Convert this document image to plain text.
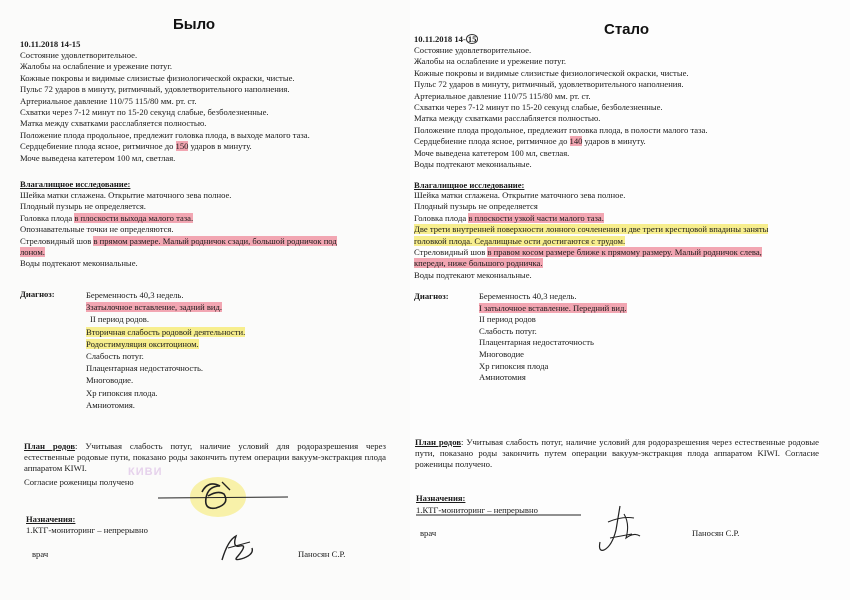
Было
10.11.2018 14-15
Состояние удовлетворительное.
Жалобы на ослабление и урежение потуг.
Кожные покровы и видимые слизистые физиологической окраски, чистые.
Пульс 72 ударов в минуту, ритмичный, удовлетворительного наполнения.
Артериальное давление 110/75 115/80 мм. рт. ст.
Схватки через 7-12 минут по 15-20 секунд слабые, безболезненные.
Матка между схватками расслабляется полностью.
Положение плода продольное, предлежит головка плода, в выходе малого таза.
Сердцебиение плода ясное, ритмичное до 150 ударов в минуту.
Моче выведена катетером 100 мл, светлая.
Влагалищное исследование:
Шейка матки сглажена. Открытие маточного зева полное.
Плодный пузырь не определяется.
Головка плода в плоскости выхода малого таза.
Опознавательные точки не определяются.
Стреловидный шов в прямом размере. Малый родничок сзади, большой родничок под
лоном.
Воды подтекают мекониальные.
Диагноз:	Беременность 40,3 недель.
Ззатылочное вставление, задний вид.
II период родов.
Вторичная слабость родовой деятельности.
Родостимуляция окситоцином.
Слабость потуг.
Плацентарная недостаточность.
Многоводие.
Хр гипоксия плода.
Амниотомия.
План родов: Учитывая слабость потуг, наличие условий для родоразрешения через естественные родовые пути, показано роды закончить путем операции вакуум-экстракция плода аппаратом KIWI.
Согласие роженицы получено
КИВИ
Назначения:
1.КТГ-мониторинг – непрерывно
врач	Паносян С.Р.
Стало
10.11.2018 14- 15
Состояние удовлетворительное.
Жалобы на ослабление и урежение потуг.
Кожные покровы и видимые слизистые физиологической окраски, чистые.
Пульс 72 ударов в минуту, ритмичный, удовлетворительного наполнения.
Артериальное давление 110/75 115/80 мм. рт. ст.
Схватки через 7-12 минут по 15-20 секунд слабые, безболезненные.
Матка между схватками расслабляется полностью.
Положение плода продольное, предлежит головка плода, в полости малого таза.
Сердцебиение плода ясное, ритмичное до 140 ударов в минуту.
Моче выведена катетером 100 мл, светлая.
Воды подтекают мекониальные.
Влагалищное исследование:
Шейка матки сглажена. Открытие маточного зева полное.
Плодный пузырь не определяется
Головка плода в плоскости узкой части малого таза.
Две трети внутренней поверхности лонного сочленения и две трети крестцовой впадины заняты
головкой плода. Седалищные ости достигаются с трудом.
Стреловидный шов в правом косом размере ближе к прямому размеру. Малый родничок слева,
кпереди, ниже большого родничка.
Воды подтекают мекониальные.
Диагноз:	Беременность 40,3 недель.
I затылочное вставление. Передний вид.
II период родов
Слабость потуг.
Плацентарная недостаточность
Многоводие
Хр гипоксия плода
Амниотомия
План родов: Учитывая слабость потуг, наличие условий для родоразрешения через естественные родовые пути, показано роды закончить путем операции вакуум-экстракция плода аппаратом KIWI. Согласие роженицы получено.
Назначения:
1.КТГ-мониторинг – непрерывно
врач	Паносян С.Р.
